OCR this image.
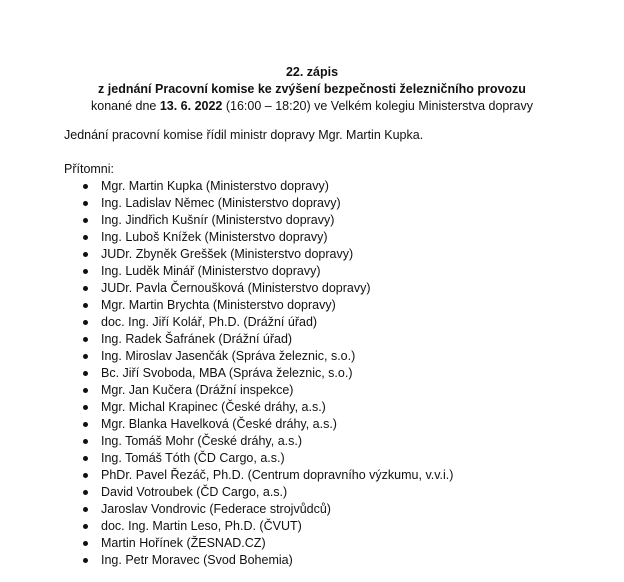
22. zápis
z jednání Pracovní komise ke zvýšení bezpečnosti železničního provozu
konané dne 13. 6. 2022 (16:00 – 18:20) ve Velkém kolegiu Ministerstva dopravy
Jednání pracovní komise řídil ministr dopravy Mgr. Martin Kupka.
Přítomni:
Mgr. Martin Kupka (Ministerstvo dopravy)
Ing. Ladislav Němec (Ministerstvo dopravy)
Ing. Jindřich Kušnír (Ministerstvo dopravy)
Ing. Luboš Knížek (Ministerstvo dopravy)
JUDr. Zbyněk Greššek (Ministerstvo dopravy)
Ing. Luděk Minář (Ministerstvo dopravy)
JUDr. Pavla Černoušková (Ministerstvo dopravy)
Mgr. Martin Brychta (Ministerstvo dopravy)
doc. Ing. Jiří Kolář, Ph.D. (Drážní úřad)
Ing. Radek Šafránek (Drážní úřad)
Ing. Miroslav Jasenčák (Správa železnic, s.o.)
Bc. Jiří Svoboda, MBA (Správa železnic, s.o.)
Mgr. Jan Kučera (Drážní inspekce)
Mgr. Michal Krapinec (České dráhy, a.s.)
Mgr. Blanka Havelková (České dráhy, a.s.)
Ing. Tomáš Mohr (České dráhy, a.s.)
Ing. Tomáš Tóth (ČD Cargo, a.s.)
PhDr. Pavel Řezáč, Ph.D. (Centrum dopravního výzkumu, v.v.i.)
David Votroubek (ČD Cargo, a.s.)
Jaroslav Vondrovic (Federace strojvůdců)
doc. Ing. Martin Leso, Ph.D. (ČVUT)
Martin Hořínek (ŽESNAD.CZ)
Ing. Petr Moravec (Svod Bohemia)
